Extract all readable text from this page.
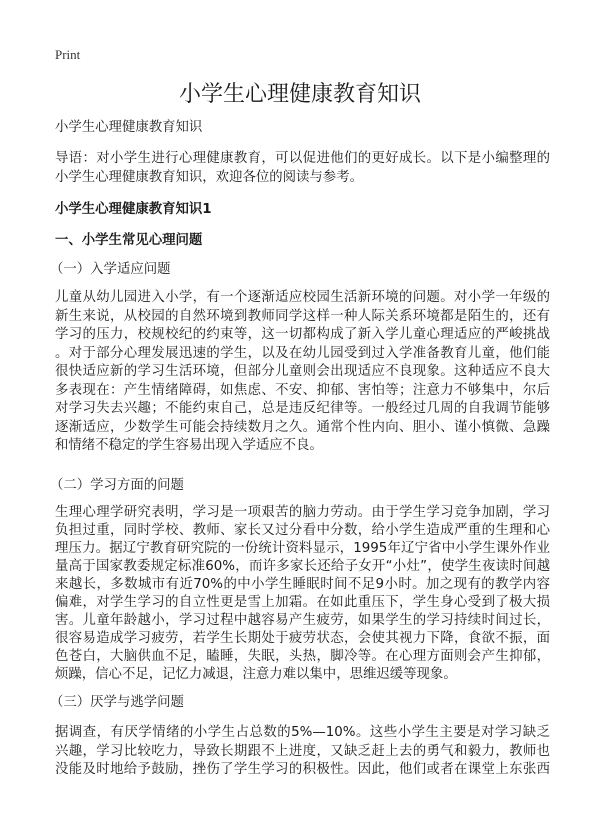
Print
小学生心理健康教育知识
小学生心理健康教育知识
导语：对小学生进行心理健康教育，可以促进他们的更好成长。以下是小编整理的
小学生心理健康教育知识，欢迎各位的阅读与参考。
小学生心理健康教育知识1
一、小学生常见心理问题
（一）入学适应问题
儿童从幼儿园进入小学，有一个逐渐适应校园生活新环境的问题。对小学一年级的
新生来说，从校园的自然环境到教师同学这样一种人际关系环境都是陌生的，还有
学习的压力，校规校纪的约束等，这一切都构成了新入学儿童心理适应的严峻挑战
。对于部分心理发展迅速的学生，以及在幼儿园受到过入学准备教育儿童，他们能
很快适应新的学习生活环境，但部分儿童则会出现适应不良现象。这种适应不良大
多表现在：产生情绪障碍，如焦虑、不安、抑郁、害怕等；注意力不够集中，尔后
对学习失去兴趣；不能约束自己，总是违反纪律等。一般经过几周的自我调节能够
逐渐适应，少数学生可能会持续数月之久。通常个性内向、胆小、谨小慎微、急躁
和情绪不稳定的学生容易出现入学适应不良。
（二）学习方面的问题
生理心理学研究表明，学习是一项艰苦的脑力劳动。由于学生学习竞争加剧，学习
负担过重，同时学校、教师、家长又过分看中分数，给小学生造成严重的生理和心
理压力。据辽宁教育研究院的一份统计资料显示，1995年辽宁省中小学生课外作业
量高于国家教委规定标准60%，而许多家长还给子女开“小灶”，使学生夜读时间越
来越长，多数城市有近70%的中小学生睡眠时间不足9小时。加之现有的教学内容
偏难，对学生学习的自立性更是雪上加霜。在如此重压下，学生身心受到了极大损
害。儿童年龄越小，学习过程中越容易产生疲劳，如果学生的学习持续时间过长，
很容易造成学习疲劳，若学生长期处于疲劳状态，会使其视力下降，食欲不振，面
色苍白，大脑供血不足，瞌睡，失眠，头热，脚冷等。在心理方面则会产生抑郁，
烦躁，信心不足，记忆力减退，注意力难以集中，思维迟缓等现象。
（三）厌学与逃学问题
据调查，有厌学情绪的小学生占总数的5%—10%。这些小学生主要是对学习缺乏
兴趣，学习比较吃力，导致长期跟不上进度，又缺乏赶上去的勇气和毅力，教师也
没能及时地给予鼓励，挫伤了学生学习的积极性。因此，他们或者在课堂上东张西
